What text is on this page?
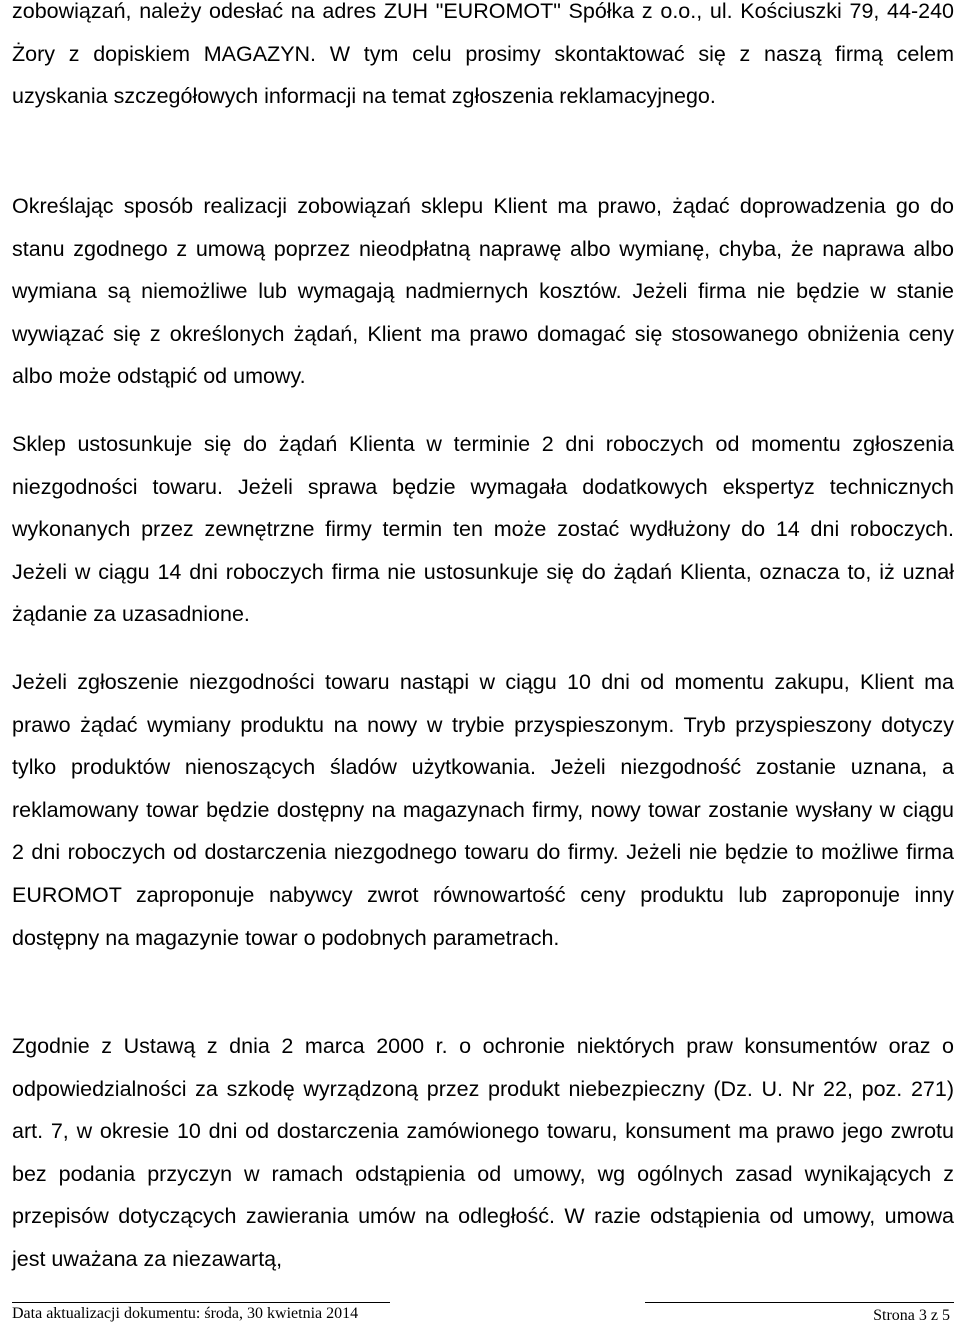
zobowiązań, należy odesłać na adres ZUH "EUROMOT" Spółka z o.o., ul. Kościuszki 79, 44-240 Żory z dopiskiem MAGAZYN. W tym celu prosimy skontaktować się z naszą firmą celem uzyskania szczegółowych informacji na temat zgłoszenia reklamacyjnego.

Określając sposób realizacji zobowiązań sklepu Klient ma prawo, żądać doprowadzenia go do stanu zgodnego z umową poprzez nieodpłatną naprawę albo wymianę, chyba, że naprawa albo wymiana są niemożliwe lub wymagają nadmiernych kosztów. Jeżeli firma nie będzie w stanie wywiązać się z określonych żądań, Klient ma prawo domagać się stosowanego obniżenia ceny albo może odstąpić od umowy.

Sklep ustosunkuje się do żądań Klienta w terminie 2 dni roboczych od momentu zgłoszenia niezgodności towaru. Jeżeli sprawa będzie wymagała dodatkowych ekspertyz technicznych wykonanych przez zewnętrzne firmy termin ten może zostać wydłużony do 14 dni roboczych. Jeżeli w ciągu 14 dni roboczych firma nie ustosunkuje się do żądań Klienta, oznacza to, iż uznał żądanie za uzasadnione.

Jeżeli zgłoszenie niezgodności towaru nastąpi w ciągu 10 dni od momentu zakupu, Klient ma prawo żądać wymiany produktu na nowy w trybie przyspieszonym. Tryb przyspieszony dotyczy tylko produktów nienoszących śladów użytkowania. Jeżeli niezgodność zostanie uznana, a reklamowany towar będzie dostępny na magazynach firmy, nowy towar zostanie wysłany w ciągu 2 dni roboczych od dostarczenia niezgodnego towaru do firmy. Jeżeli nie będzie to możliwe firma EUROMOT zaproponuje nabywcy zwrot równowartość ceny produktu lub zaproponuje inny dostępny na magazynie towar o podobnych parametrach.

Zgodnie z Ustawą z dnia 2 marca 2000 r. o ochronie niektórych praw konsumentów oraz o odpowiedzialności za szkodę wyrządzoną przez produkt niebezpieczny (Dz. U. Nr 22, poz. 271) art. 7, w okresie 10 dni od dostarczenia zamówionego towaru, konsument ma prawo jego zwrotu bez podania przyczyn w ramach odstąpienia od umowy, wg ogólnych zasad wynikających z przepisów dotyczących zawierania umów na odległość. W razie odstąpienia od umowy, umowa jest uważana za niezawartą,

Data aktualizacji dokumentu: środa, 30 kwietnia 2014	Strona 3 z 5
